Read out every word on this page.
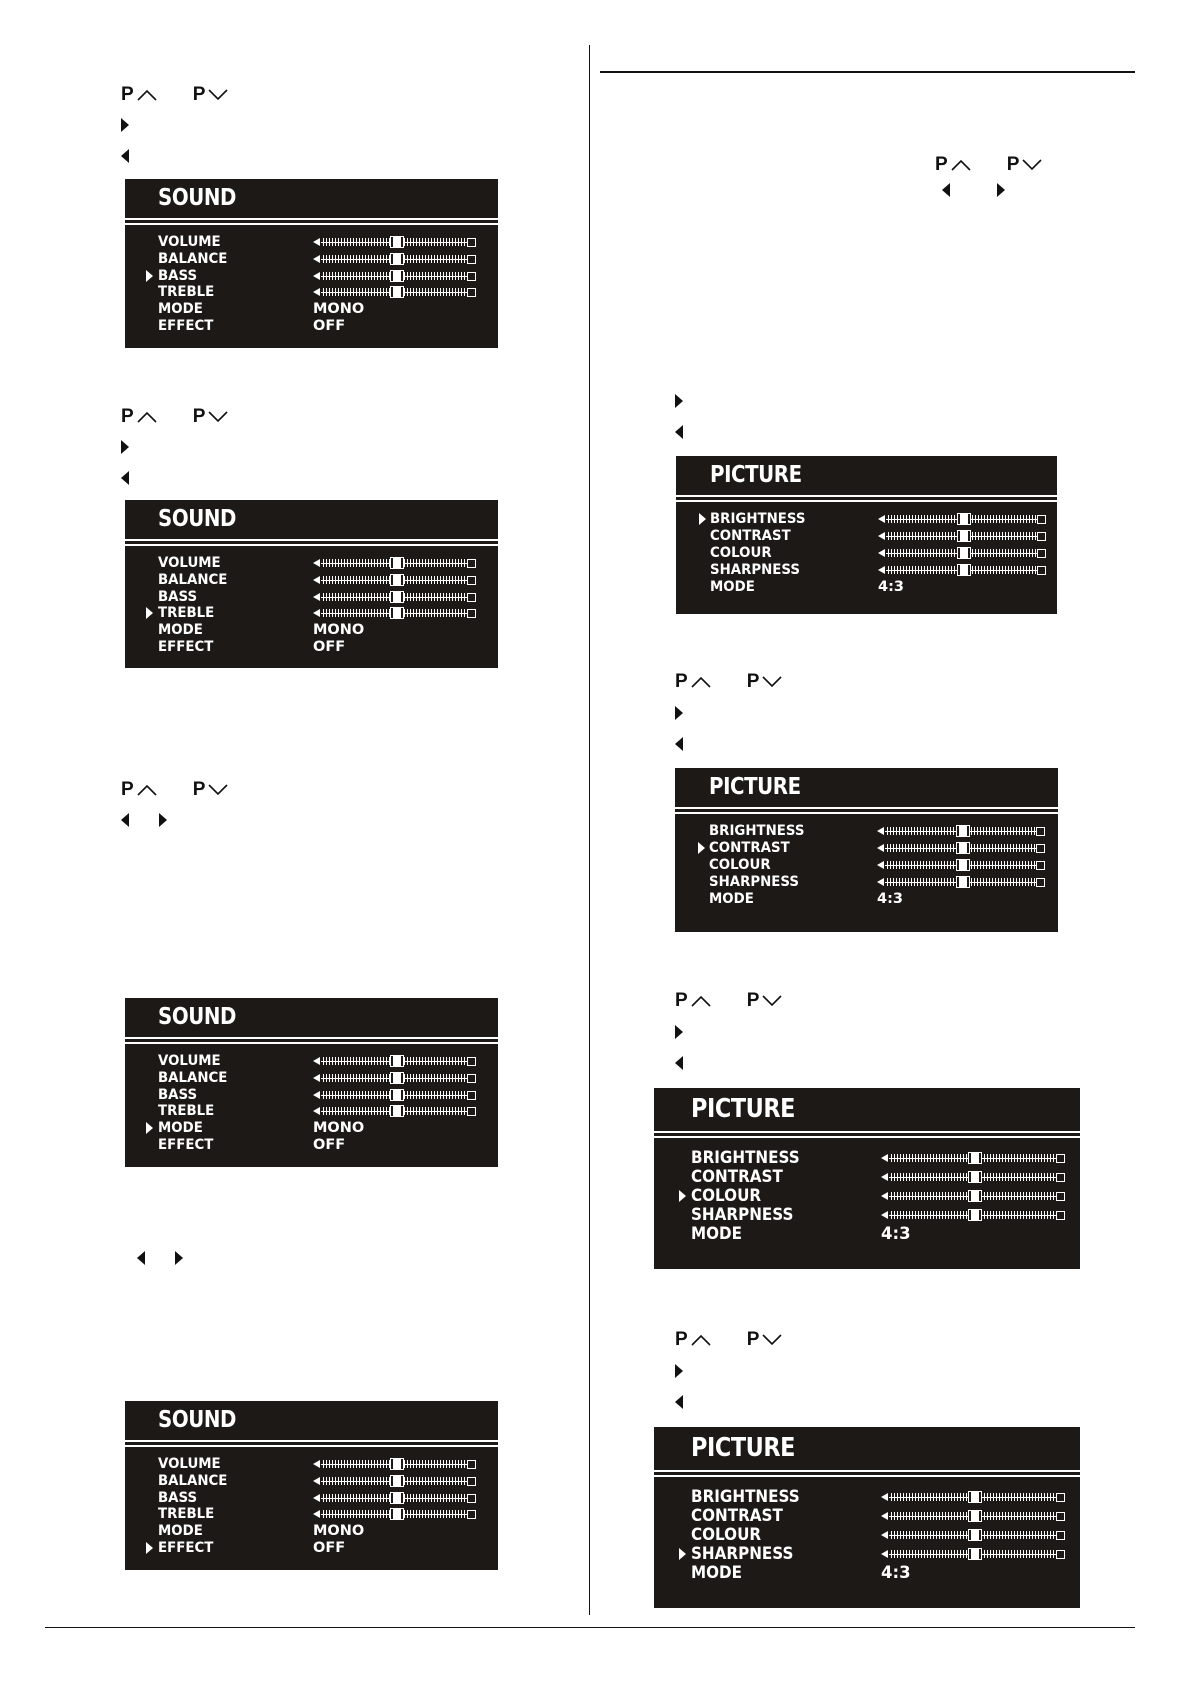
P	P
SOUND
VOLUME
BALANCE
BASS
TREBLE
MODE	MONO
EFFECT	OFF
P	P
SOUND
VOLUME
BALANCE
BASS
TREBLE
MODE	MONO
EFFECT	OFF
P	P
SOUND
VOLUME
BALANCE
BASS
TREBLE
MODE	MONO
EFFECT	OFF
SOUND
VOLUME
BALANCE
BASS
TREBLE
MODE	MONO
EFFECT	OFF
P	P
PICTURE
BRIGHTNESS
CONTRAST
COLOUR
SHARPNESS
MODE	4:3
P	P
PICTURE
BRIGHTNESS
CONTRAST
COLOUR
SHARPNESS
MODE	4:3
P	P
PICTURE
BRIGHTNESS
CONTRAST
COLOUR
SHARPNESS
MODE	4:3
P	P
PICTURE
BRIGHTNESS
CONTRAST
COLOUR
SHARPNESS
MODE	4:3
